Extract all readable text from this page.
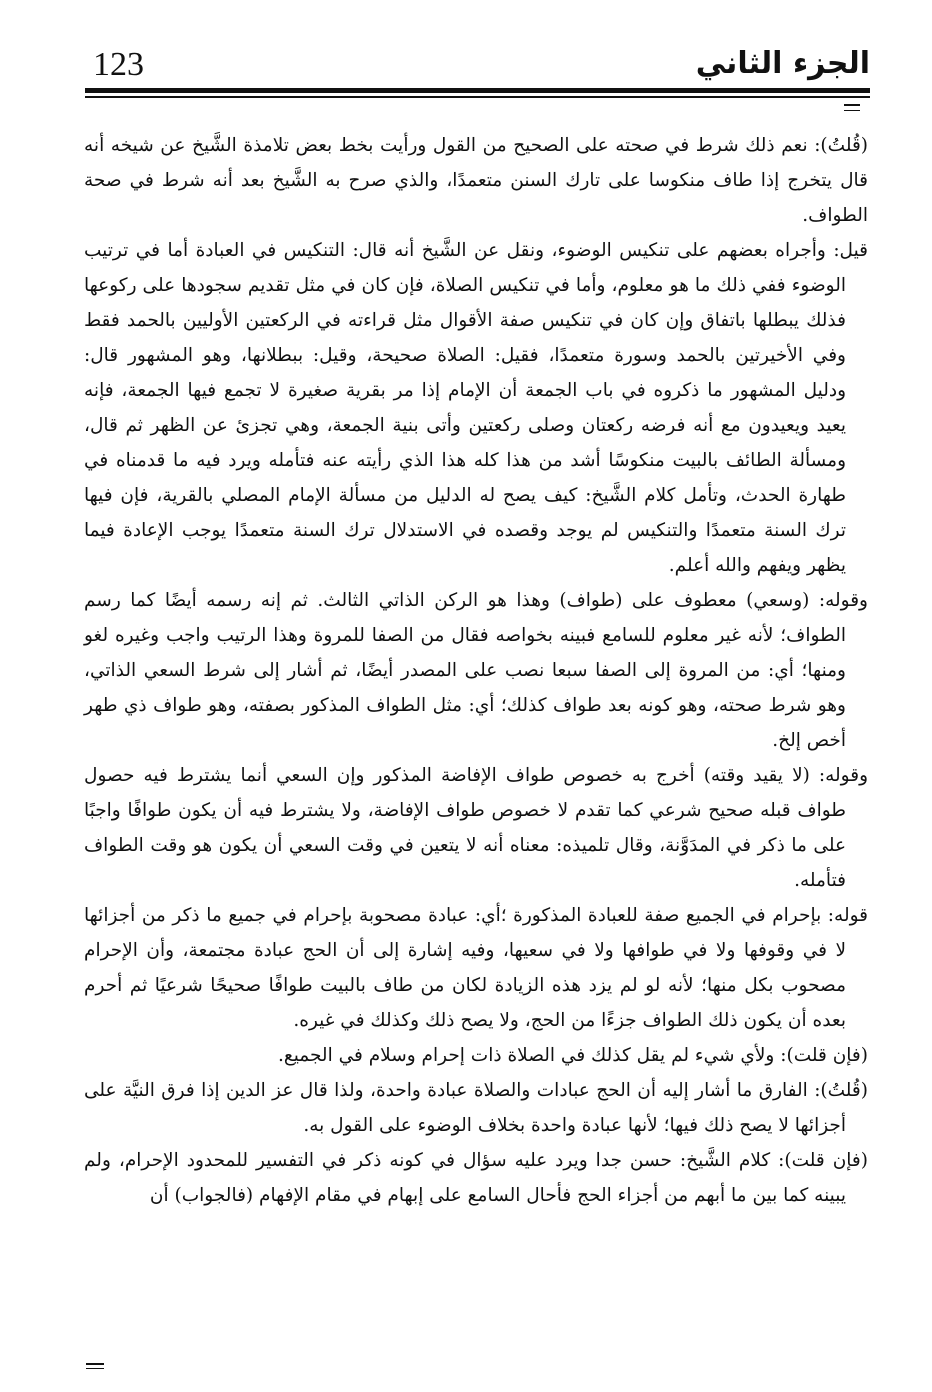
123	الجزء الثاني

(قُلتُ): نعم ذلك شرط في صحته على الصحيح من القول ورأيت بخط بعض تلامذة الشَّيخ عن شيخه أنه قال يتخرج إذا طاف منكوسا على تارك السنن متعمدًا، والذي صرح به الشَّيخ بعد أنه شرط في صحة الطواف.

قيل: وأجراه بعضهم على تنكيس الوضوء، ونقل عن الشَّيخ أنه قال: التنكيس في العبادة أما في ترتيب الوضوء ففي ذلك ما هو معلوم، وأما في تنكيس الصلاة، فإن كان في مثل تقديم سجودها على ركوعها فذلك يبطلها باتفاق وإن كان في تنكيس صفة الأقوال مثل قراءته في الركعتين الأوليين بالحمد فقط وفي الأخيرتين بالحمد وسورة متعمدًا، فقيل: الصلاة صحيحة، وقيل: ببطلانها، وهو المشهور قال: ودليل المشهور ما ذكروه في باب الجمعة أن الإمام إذا مر بقرية صغيرة لا تجمع فيها الجمعة، فإنه يعيد ويعيدون مع أنه فرضه ركعتان وصلى ركعتين وأتى بنية الجمعة، وهي تجزئ عن الظهر ثم قال، ومسألة الطائف بالبيت منكوسًا أشد من هذا كله هذا الذي رأيته عنه فتأمله ويرد فيه ما قدمناه في طهارة الحدث، وتأمل كلام الشَّيخ: كيف يصح له الدليل من مسألة الإمام المصلي بالقرية، فإن فيها ترك السنة متعمدًا والتنكيس لم يوجد وقصده في الاستدلال ترك السنة متعمدًا يوجب الإعادة فيما يظهر ويفهم والله أعلم.

وقوله: (وسعي) معطوف على (طواف) وهذا هو الركن الذاتي الثالث. ثم إنه رسمه أيضًا كما رسم الطواف؛ لأنه غير معلوم للسامع فبينه بخواصه فقال من الصفا للمروة وهذا الرتيب واجب وغيره لغو ومنها؛ أي: من المروة إلى الصفا سبعا نصب على المصدر أيضًا، ثم أشار إلى شرط السعي الذاتي، وهو شرط صحته، وهو كونه بعد طواف كذلك؛ أي: مثل الطواف المذكور بصفته، وهو طواف ذي طهر أخص إلخ.

وقوله: (لا يقيد وقته) أخرج به خصوص طواف الإفاضة المذكور وإن السعي أنما يشترط فيه حصول طواف قبله صحيح شرعي كما تقدم لا خصوص طواف الإفاضة، ولا يشترط فيه أن يكون طوافًا واجبًا على ما ذكر في المدَوَّنة، وقال تلميذه: معناه أنه لا يتعين في وقت السعي أن يكون هو وقت الطواف فتأمله.

قوله: بإحرام في الجميع صفة للعبادة المذكورة ؛أي: عبادة مصحوبة بإحرام في جميع ما ذكر من أجزائها لا في وقوفها ولا في طوافها ولا في سعيها، وفيه إشارة إلى أن الحج عبادة مجتمعة، وأن الإحرام مصحوب بكل منها؛ لأنه لو لم يزد هذه الزيادة لكان من طاف بالبيت طوافًا صحيحًا شرعيًا ثم أحرم بعده أن يكون ذلك الطواف جزءًا من الحج، ولا يصح ذلك وكذلك في غيره.

(فإن قلت): ولأي شيء لم يقل كذلك في الصلاة ذات إحرام وسلام في الجميع.

(قُلتُ): الفارق ما أشار إليه أن الحج عبادات والصلاة عبادة واحدة، ولذا قال عز الدين إذا فرق النيَّة على أجزائها لا يصح ذلك فيها؛ لأنها عبادة واحدة بخلاف الوضوء على القول به.

(فإن قلت): كلام الشَّيخ: حسن جدا ويرد عليه سؤال في كونه ذكر في التفسير للمحدود الإحرام، ولم يبينه كما بين ما أبهم من أجزاء الحج فأحال السامع على إبهام في مقام الإفهام (فالجواب) أن
